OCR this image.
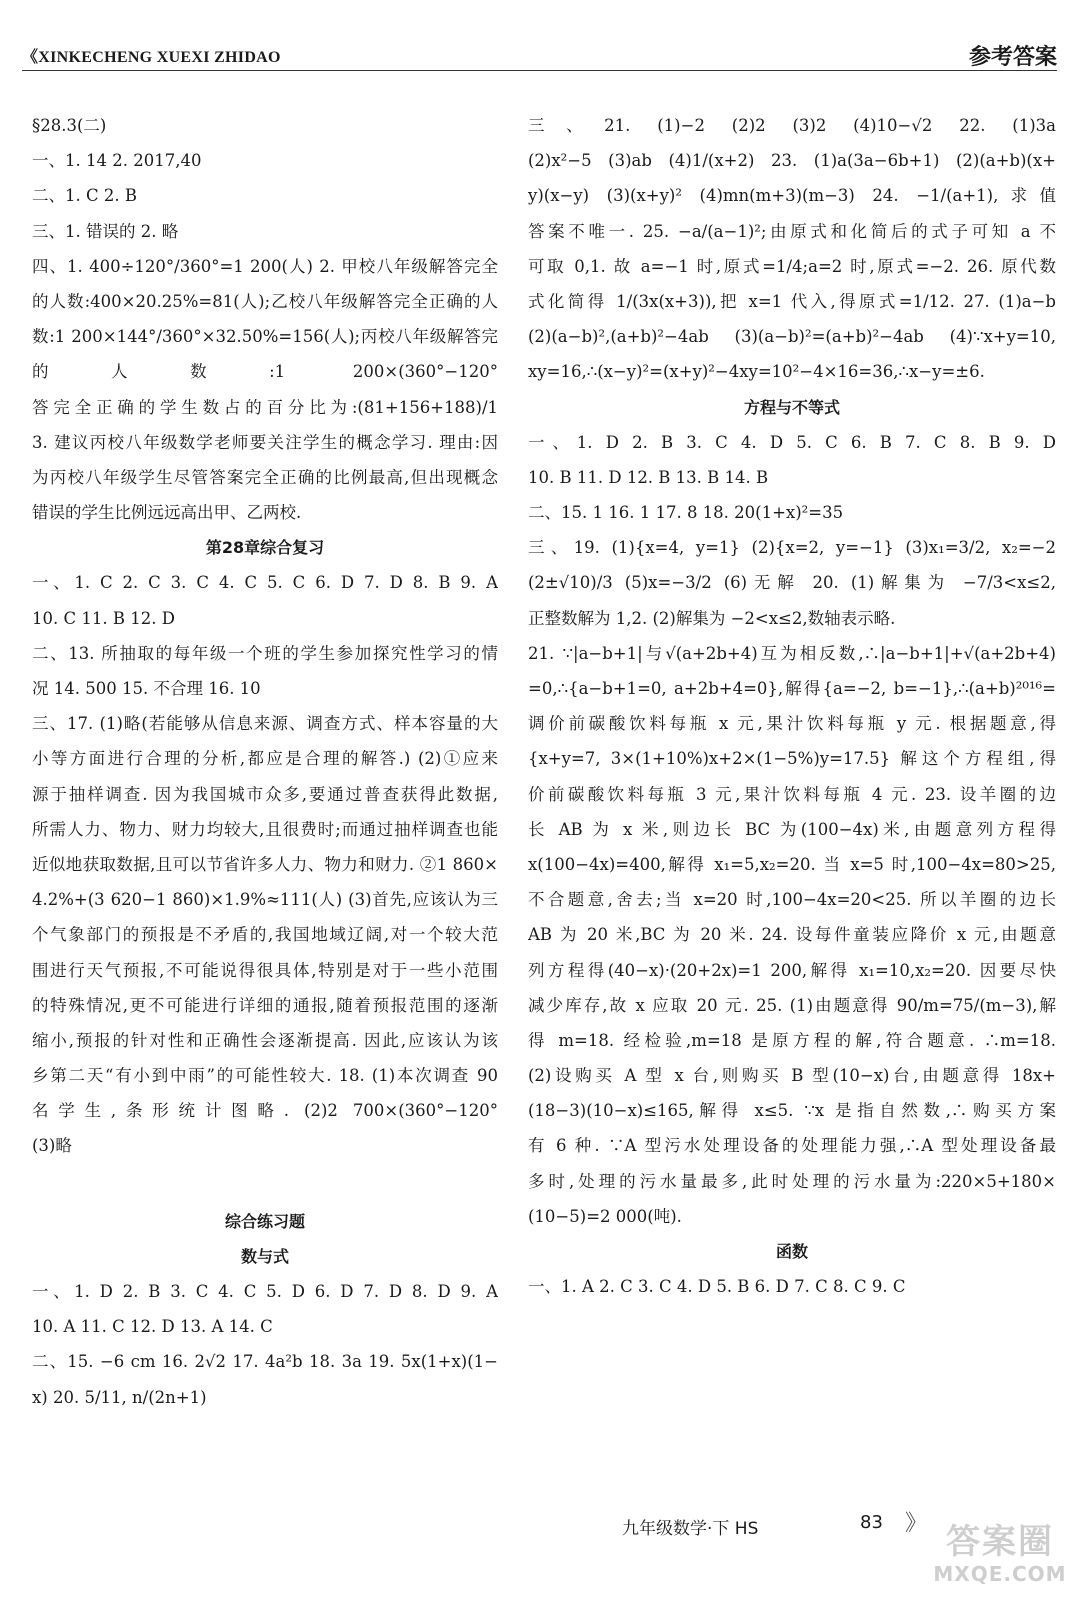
《XINKECHENG XUEXI ZHIDAO	参考答案
§28.3(二)
一、1. 14 2. 2017,40
二、1. C 2. B
三、1. 错误的 2. 略
四、1. 400÷120°/360°=1 200(人) 2. 甲校八年级解答完全
的人数:400×20.25%=81(人);乙校八年级解答完全正确的人
数:1 200×144°/360°×32.50%=156(人);丙校八年级解答完
的人数:1 200×(360°−120°
答完全正确的学生数占的百分比为:(81+156+188)/1
3. 建议丙校八年级数学老师要关注学生的概念学习. 理由:因
为丙校八年级学生尽管答案完全正确的比例最高,但出现概念
错误的学生比例远远高出甲、乙两校.
第28章综合复习
一、1. C 2. C 3. C 4. C 5. C 6. D 7. D 8. B 9. A
10. C 11. B 12. D
二、13. 所抽取的每年级一个班的学生参加探究性学习的情
况 14. 500 15. 不合理 16. 10
三、17. (1)略(若能够从信息来源、调查方式、样本容量的大
小等方面进行合理的分析,都应是合理的解答.) (2)①应来
源于抽样调查. 因为我国城市众多,要通过普查获得此数据,
所需人力、物力、财力均较大,且很费时;而通过抽样调查也能
近似地获取数据,且可以节省许多人力、物力和财力. ②1 860×
4.2%+(3 620−1 860)×1.9%≈111(人) (3)首先,应该认为三
个气象部门的预报是不矛盾的,我国地域辽阔,对一个较大范
围进行天气预报,不可能说得很具体,特别是对于一些小范围
的特殊情况,更不可能进行详细的通报,随着预报范围的逐渐
缩小,预报的针对性和正确性会逐渐提高. 因此,应该认为该
乡第二天“有小到中雨”的可能性较大. 18. (1)本次调查 90
名学生,条形统计图略. (2)2 700×(360°−120°
(3)略
综合练习题
数与式
一、1. D 2. B 3. C 4. C 5. D 6. D 7. D 8. D 9. A
10. A 11. C 12. D 13. A 14. C
二、15. −6 cm 16. 2√2 17. 4a²b 18. 3a 19. 5x(1+x)(1−
x) 20. 5/11, n/(2n+1)
三、21. (1)−2 (2)2 (3)2 (4)10−√2 22. (1)3a
(2)x²−5 (3)ab (4)1/(x+2) 23. (1)a(3a−6b+1) (2)(a+b)(x+
y)(x−y) (3)(x+y)² (4)mn(m+3)(m−3) 24. −1/(a+1),求值
答案不唯一. 25. −a/(a−1)²;由原式和化简后的式子可知 a 不
可取 0,1. 故 a=−1 时,原式=1/4;a=2 时,原式=−2. 26. 原代数
式化简得 1/(3x(x+3)),把 x=1 代入,得原式=1/12. 27. (1)a−b
(2)(a−b)²,(a+b)²−4ab (3)(a−b)²=(a+b)²−4ab (4)∵x+y=10,
xy=16,∴(x−y)²=(x+y)²−4xy=10²−4×16=36,∴x−y=±6.
方程与不等式
一、1. D 2. B 3. C 4. D 5. C 6. B 7. C 8. B 9. D
10. B 11. D 12. B 13. B 14. B
二、15. 1 16. 1 17. 8 18. 20(1+x)²=35
三、19. (1){x=4, y=1} (2){x=2, y=−1} (3)x₁=3/2, x₂=−2
(2±√10)/3 (5)x=−3/2 (6)无解 20. (1)解集为 −7/3<x≤2,
正整数解为 1,2. (2)解集为 −2<x≤2,数轴表示略.
21. ∵|a−b+1|与√(a+2b+4)互为相反数,∴|a−b+1|+√(a+2b+4)
=0,∴{a−b+1=0, a+2b+4=0},解得{a=−2, b=−1},∴(a+b)²⁰¹⁶=
调价前碳酸饮料每瓶 x 元,果汁饮料每瓶 y 元. 根据题意,得
{x+y=7, 3×(1+10%)x+2×(1−5%)y=17.5} 解这个方程组,得
价前碳酸饮料每瓶 3 元,果汁饮料每瓶 4 元. 23. 设羊圈的边
长 AB 为 x 米,则边长 BC 为(100−4x)米,由题意列方程得
x(100−4x)=400,解得 x₁=5,x₂=20. 当 x=5 时,100−4x=80>25,
不合题意,舍去;当 x=20 时,100−4x=20<25. 所以羊圈的边长
AB 为 20 米,BC 为 20 米. 24. 设每件童装应降价 x 元,由题意
列方程得(40−x)·(20+2x)=1 200,解得 x₁=10,x₂=20. 因要尽快
减少库存,故 x 应取 20 元. 25. (1)由题意得 90/m=75/(m−3),解
得 m=18. 经检验,m=18 是原方程的解,符合题意. ∴m=18.
(2)设购买 A 型 x 台,则购买 B 型(10−x)台,由题意得 18x+
(18−3)(10−x)≤165,解得 x≤5. ∵x 是指自然数,∴购买方案
有 6 种. ∵A 型污水处理设备的处理能力强,∴A 型处理设备最
多时,处理的污水量最多,此时处理的污水量为:220×5+180×
(10−5)=2 000(吨).
函数
一、1. A 2. C 3. C 4. D 5. B 6. D 7. C 8. C 9. C
九年级数学·下 HS	83 》 答案圈
MXQE.COM
